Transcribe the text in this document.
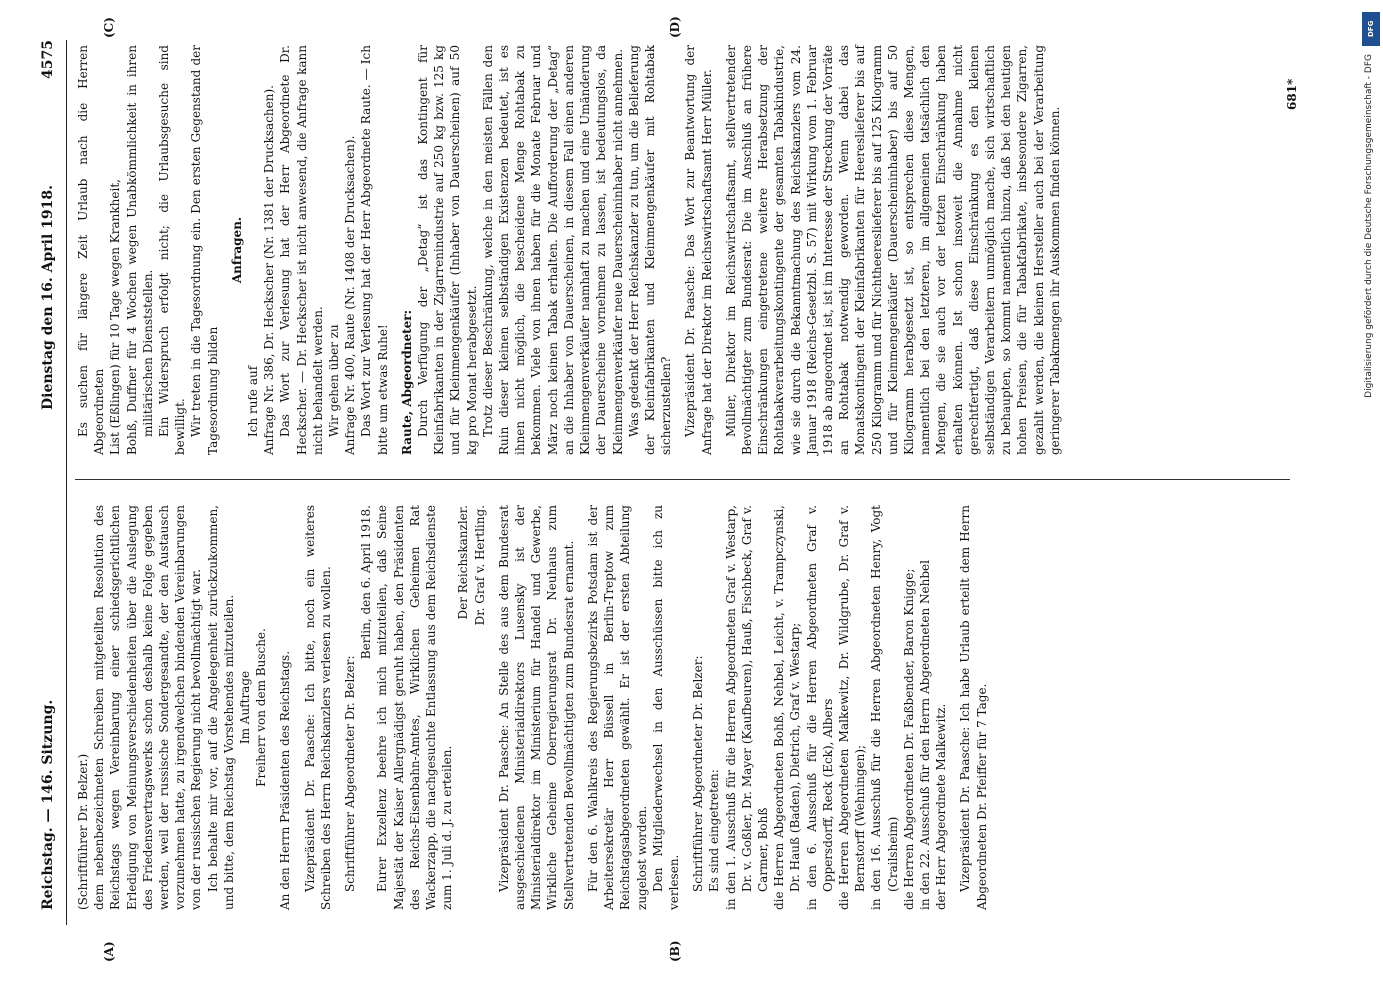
Reichstag. — 146. Sitzung.
Dienstag den 16. April 1918.
4575
(A)	(B)
(C)	(D)

(Schriftführer Dr. Belzer.) dem nebenbezeichneten Schreiben mitgeteilten Resolution des Reichstags wegen Vereinbarung einer schiedsgerichtlichen Erledigung von Meinungsverschiedenheiten über die Auslegung des Friedensvertragswerks schon deshalb keine Folge gegeben werden, weil der russische Sondergesandte, der den Austausch vorzunehmen hatte, zu irgendwelchen bindenden Vereinbarungen von der russischen Regierung nicht bevollmächtigt war. Ich behalte mir vor, auf die Angelegenheit zurückzukommen, und bitte, dem Reichstag Vorstehendes mitzuteilen. Im Auftrage Freiherr von dem Busche. An den Herrn Präsidenten des Reichstags. Vizepräsident Dr. Paasche: Ich bitte, noch ein weiteres Schreiben des Herrn Reichskanzlers verlesen zu wollen. Schriftführer Abgeordneter Dr. Belzer:

Berlin, den 6. April 1918. Eurer Exzellenz beehre ich mich mitzuteilen, daß Seine Majestät der Kaiser Allergnädigst geruht haben, den Präsidenten des Reichs-Eisenbahn-Amtes, Wirklichen Geheimen Rat Wackerzapp, die nachgesuchte Entlassung aus dem Reichsdienste zum 1. Juli d. J. zu erteilen.

Der Reichskanzler. Dr. Graf v. Hertling. Vizepräsident Dr. Paasche: An Stelle des aus dem Bundesrat ausgeschiedenen Ministerialdirektors Lusensky ist der Ministerialdirektor im Ministerium für Handel und Gewerbe, Wirkliche Geheime Oberregierungsrat Dr. Neuhaus zum Stellvertretenden Bevollmächtigten zum Bundesrat ernannt. Für den 6. Wahlkreis des Regierungsbezirks Potsdam ist der Arbeitersekretär Herr Büssell in Berlin-Treptow zum Reichstagsabgeordneten gewählt. Er ist der ersten Abteilung zugelost worden. Den Mitgliederwechsel in den Ausschüssen bitte ich zu verlesen. Schriftführer Abgeordneter Dr. Belzer: Es sind eingetreten: in den 1. Ausschuß für die Herren Abgeordneten Graf v. Westarp, Dr. v. Goßler, Dr. Mayer (Kaufbeuren), Hauß, Fischbeck, Graf v. Carmer, Bohß die Herren Abgeordneten Bohß, Nehbel, Leicht, v. Trampczynski, Dr. Hauß (Baden), Dietrich, Graf v. Westarp; in den 6. Ausschuß für die Herren Abgeordneten Graf v. Oppersdorff, Reck (Eck), Albers die Herren Abgeordneten Malkewitz, Dr. Wildgrube, Dr. Graf v. Bernstorff (Wehningen); in den 16. Ausschuß für die Herren Abgeordneten Henry, Vogt (Crailsheim) die Herren Abgeordneten Dr. Faßbender, Baron Knigge; in den 22. Ausschuß für den Herrn Abgeordneten Nehbel der Herr Abgeordnete Malkewitz. Vizepräsident Dr. Paasche: Ich habe Urlaub erteilt dem Herrn Abgeordneten Dr. Pfeiffer für 7 Tage.

Es suchen für längere Zeit Urlaub nach die Herren Abgeordneten List (Eßlingen) für 10 Tage wegen Krankheit, Bohß, Duffner für 4 Wochen wegen Unabkömmlichkeit in ihren militärischen Dienststellen. Ein Widerspruch erfolgt nicht; die Urlaubsgesuche sind bewilligt. Wir treten in die Tagesordnung ein. Den ersten Gegenstand der Tagesordnung bilden

Anfragen.

Ich rufe auf Anfrage Nr. 386, Dr. Heckscher (Nr. 1381 der Drucksachen). Das Wort zur Verlesung hat der Herr Abgeordnete Dr. Heckscher. — Dr. Heckscher ist nicht anwesend, die Anfrage kann nicht behandelt werden. Wir gehen über zu Anfrage Nr. 400, Raute (Nr. 1408 der Drucksachen). Das Wort zur Verlesung hat der Herr Abgeordnete Raute. — Ich bitte um etwas Ruhe! Raute, Abgeordneter: Durch Verfügung der „Detag“ ist das Kontingent für Kleinfabrikanten in der Zigarrenindustrie auf 250 kg bzw. 125 kg und für Kleinmengenkäufer (Inhaber von Dauerscheinen) auf 50 kg pro Monat herabgesetzt. Trotz dieser Beschränkung, welche in den meisten Fällen den Ruin dieser kleinen selbständigen Existenzen bedeutet, ist es ihnen nicht möglich, die bescheidene Menge Rohtabak zu bekommen. Viele von ihnen haben für die Monate Februar und März noch keinen Tabak erhalten. Die Aufforderung der „Detag“ an die Inhaber von Dauerscheinen, in diesem Fall einen anderen Kleinmengenverkäufer namhaft zu machen und eine Umänderung der Dauerscheine vornehmen zu lassen, ist bedeutungslos, da Kleinmengenverkäufer neue Dauerscheininhaber nicht annehmen. Was gedenkt der Herr Reichskanzler zu tun, um die Belieferung der Kleinfabrikanten und Kleinmengenkäufer mit Rohtabak sicherzustellen? Vizepräsident Dr. Paasche: Das Wort zur Beantwortung der Anfrage hat der Direktor im Reichswirtschaftsamt Herr Müller. Müller, Direktor im Reichswirtschaftsamt, stellvertretender Bevollmächtigter zum Bundesrat: Die im Anschluß an frühere Einschränkungen eingetretene weitere Herabsetzung der Rohtabakverarbeitungskontingente der gesamten Tabakindustrie, wie sie durch die Bekanntmachung des Reichskanzlers vom 24. Januar 1918 (Reichs-Gesetzbl. S. 57) mit Wirkung vom 1. Februar 1918 ab angeordnet ist, ist im Interesse der Streckung der Vorräte an Rohtabak notwendig geworden. Wenn dabei das Monatskontingent der Kleinfabrikanten für Heereslieferer bis auf 250 Kilogramm und für Nichtheereslieferer bis auf 125 Kilogramm und für Kleinmengenkäufer (Dauerscheininhaber) bis auf 50 Kilogramm herabgesetzt ist, so entsprechen diese Mengen, namentlich bei den letzteren, im allgemeinen tatsächlich den Mengen, die sie auch vor der letzten Einschränkung haben erhalten können. Ist schon insoweit die Annahme nicht gerechtfertigt, daß diese Einschränkung es den kleinen selbständigen Verarbeitern unmöglich mache, sich wirtschaftlich zu behaupten, so kommt namentlich hinzu, daß bei den heutigen hohen Preisen, die für Tabakfabrikate, insbesondere Zigarren, gezahlt werden, die kleinen Hersteller auch bei der Verarbeitung geringerer Tabakmengen ihr Auskommen finden können.

681*
DFG
Digitalisierung gefördert durch die Deutsche Forschungsgemeinschaft - DFG
